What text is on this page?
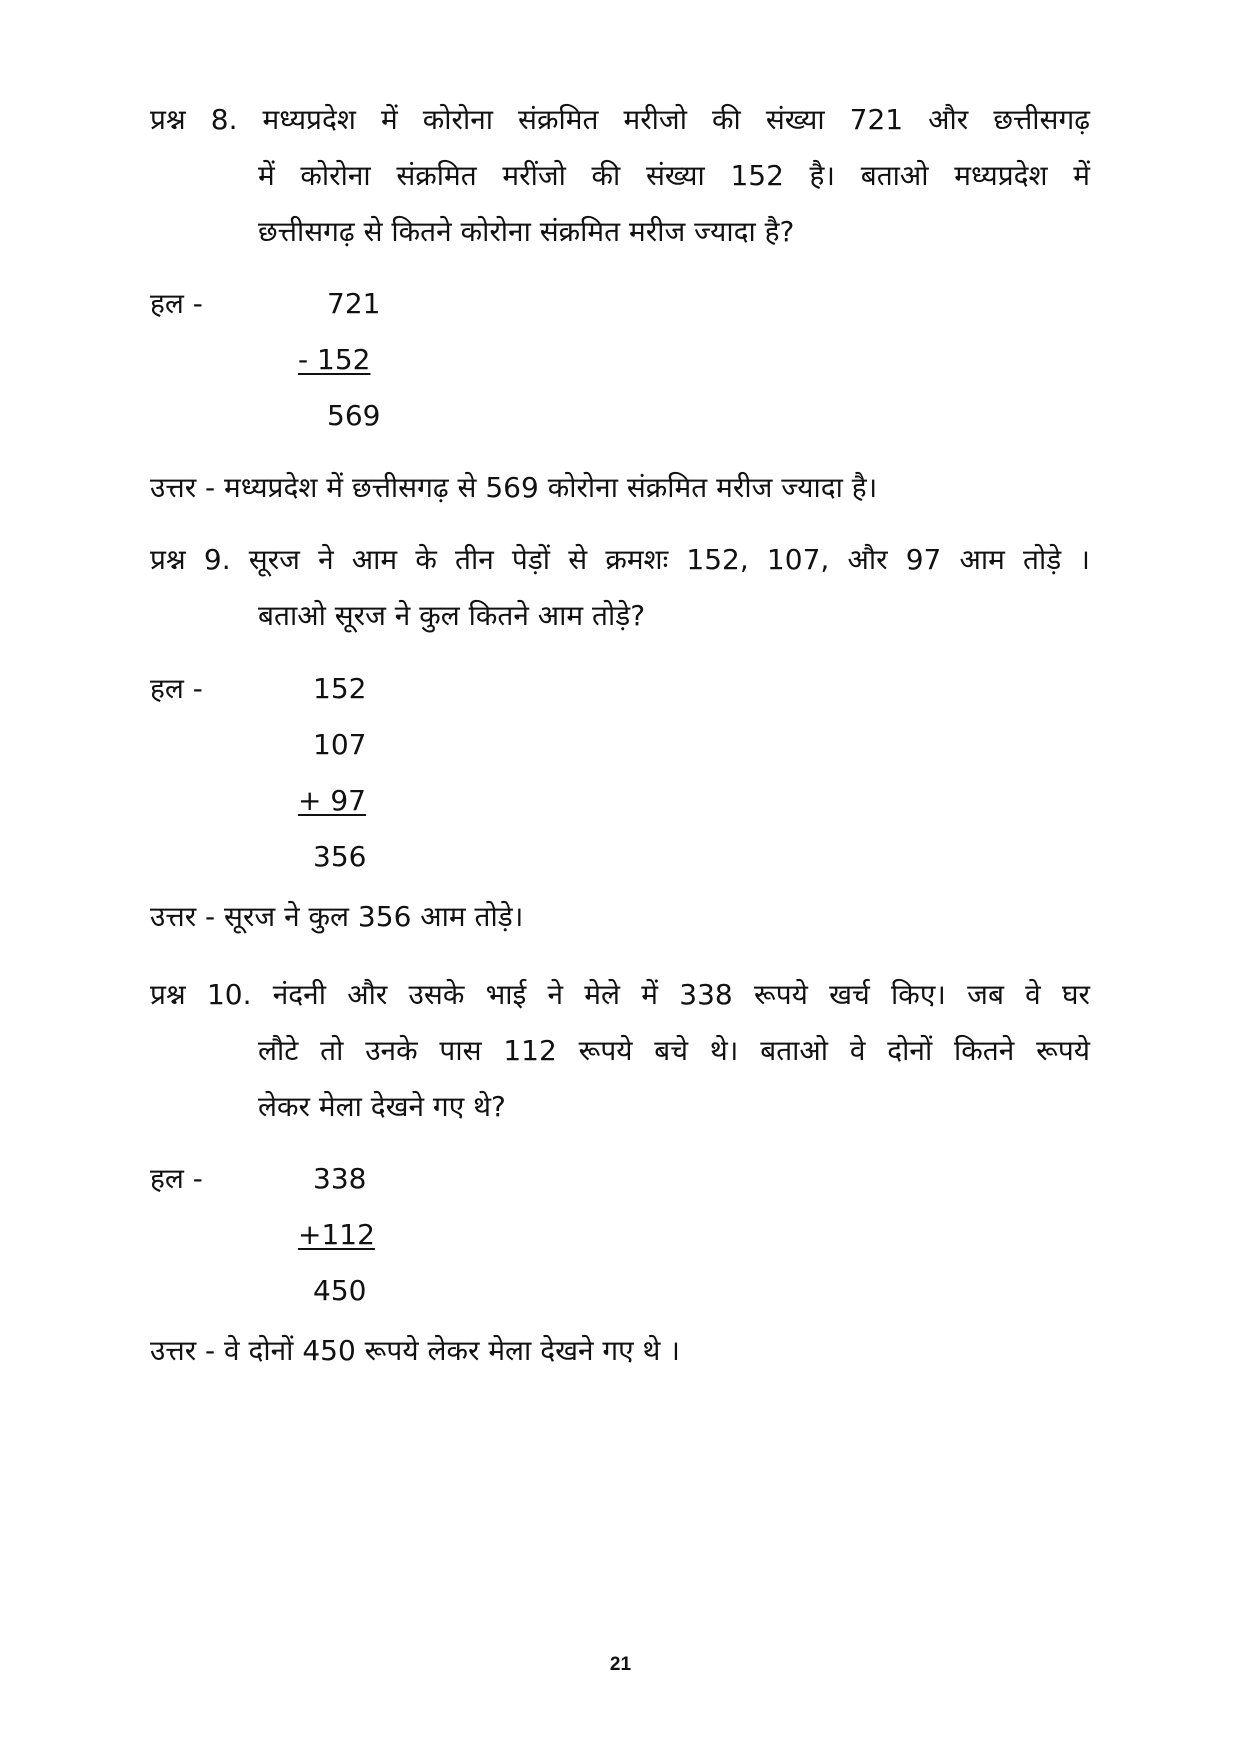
प्रश्न 8. मध्यप्रदेश में कोरोना संक्रमित मरीजो की संख्या 721 और छत्तीसगढ़
में कोरोना संक्रमित मरींजो की संख्या 152 है। बताओ मध्यप्रदेश में
छत्तीसगढ़ से कितने कोरोना संक्रमित मरीज ज्यादा है?
हल -	721
- 152
569
उत्तर - मध्यप्रदेश में छत्तीसगढ़ से 569 कोरोना संक्रमित मरीज ज्यादा है।
प्रश्न 9. सूरज ने आम के तीन पेड़ों से क्रमशः 152, 107, और 97 आम तोड़े ।
बताओ सूरज ने कुल कितने आम तोड़े?
हल -	152
107
+ 97
356
उत्तर - सूरज ने कुल 356 आम तोड़े।
प्रश्न 10. नंदनी और उसके भाई ने मेले में 338 रूपये खर्च किए। जब वे घर
लौटे तो उनके पास 112 रूपये बचे थे। बताओ वे दोनों कितने रूपये
लेकर मेला देखने गए थे?
हल -	338
+112
450
उत्तर - वे दोनों 450 रूपये लेकर मेला देखने गए थे ।
21
